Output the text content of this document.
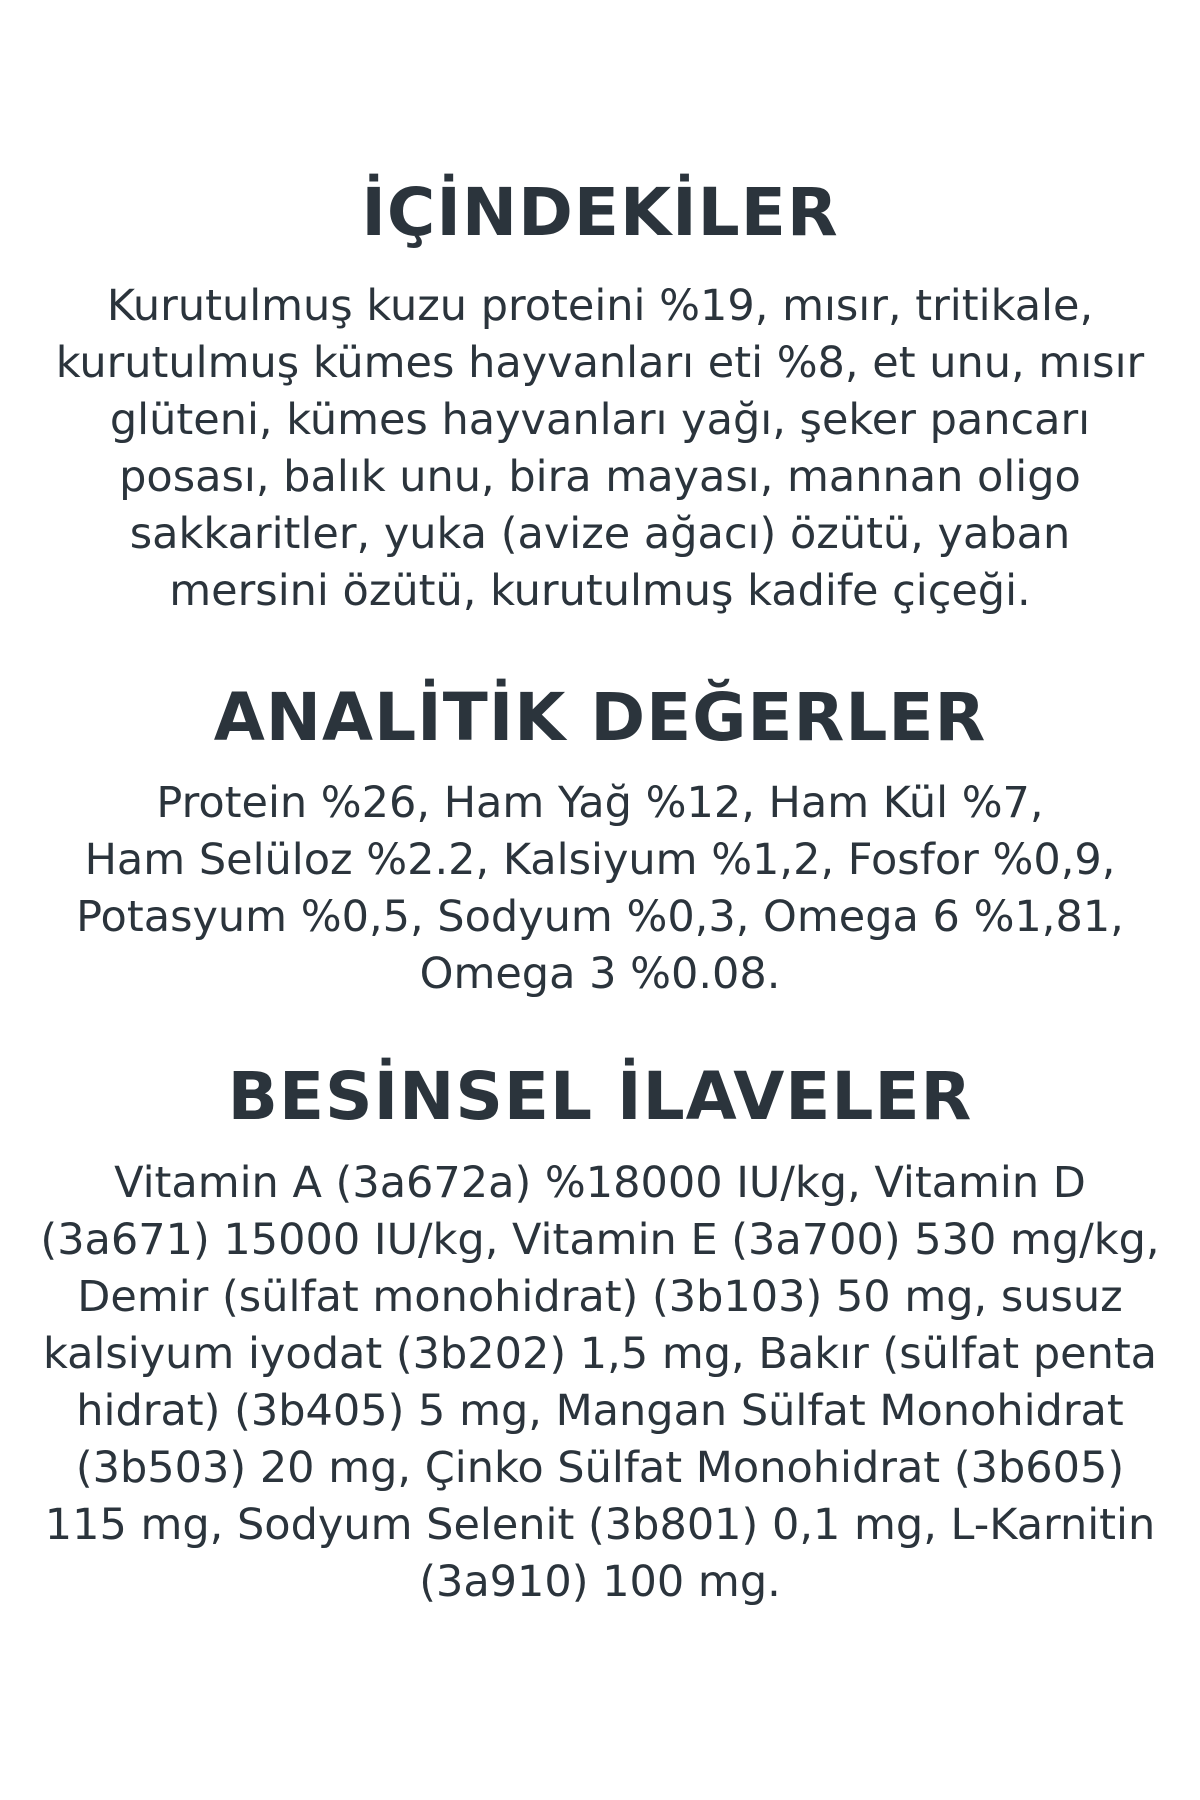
İÇİNDEKİLER
Kurutulmuş kuzu proteini %19, mısır, tritikale,
kurutulmuş kümes hayvanları eti %8, et unu, mısır
glüteni, kümes hayvanları yağı, şeker pancarı
posası, balık unu, bira mayası, mannan oligo
sakkaritler, yuka (avize ağacı) özütü, yaban
mersini özütü, kurutulmuş kadife çiçeği.
ANALİTİK DEĞERLER
Protein %26, Ham Yağ %12, Ham Kül %7,
Ham Selüloz %2.2, Kalsiyum %1,2, Fosfor %0,9,
Potasyum %0,5, Sodyum %0,3, Omega 6 %1,81,
Omega 3 %0.08.
BESİNSEL İLAVELER
Vitamin A (3a672a) %18000 IU/kg, Vitamin D
(3a671) 15000 IU/kg, Vitamin E (3a700) 530 mg/kg,
Demir (sülfat monohidrat) (3b103) 50 mg, susuz
kalsiyum iyodat (3b202) 1,5 mg, Bakır (sülfat penta
hidrat) (3b405) 5 mg, Mangan Sülfat Monohidrat
(3b503) 20 mg, Çinko Sülfat Monohidrat (3b605)
115 mg, Sodyum Selenit (3b801) 0,1 mg, L-Karnitin
(3a910) 100 mg.
